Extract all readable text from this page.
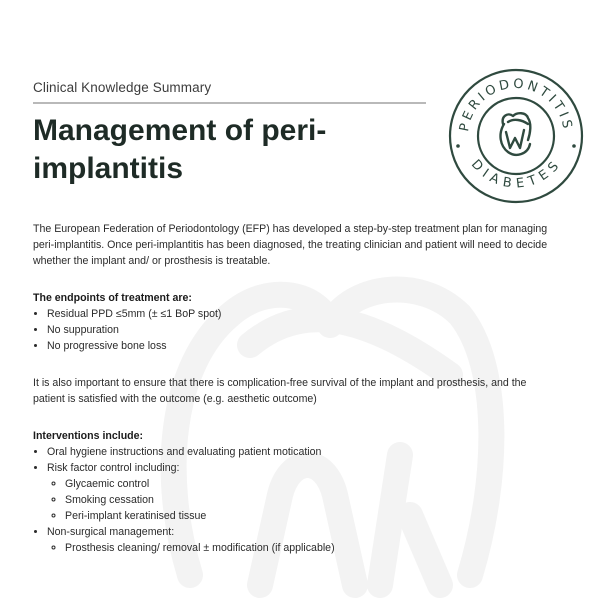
Clinical Knowledge Summary
Management of peri-implantitis
PERIODONTITIS
DIABETES

The European Federation of Periodontology (EFP) has developed a step-by-step treatment plan for managing peri-implantitis. Once peri-implantitis has been diagnosed, the treating clinician and patient will need to decide whether the implant and/ or prosthesis is treatable.

The endpoints of treatment are:

• Residual PPD ≤5mm (± ≤1 BoP spot)
• No suppuration
• No progressive bone loss

It is also important to ensure that there is complication-free survival of the implant and prosthesis, and the patient is satisfied with the outcome (e.g. aesthetic outcome)

Interventions include:

• Oral hygiene instructions and evaluating patient motication
• Risk factor control including:
◦ Glycaemic control
◦ Smoking cessation
◦ Peri-implant keratinised tissue
• Non-surgical management:
◦ Prosthesis cleaning/ removal ± modification (if applicable)
